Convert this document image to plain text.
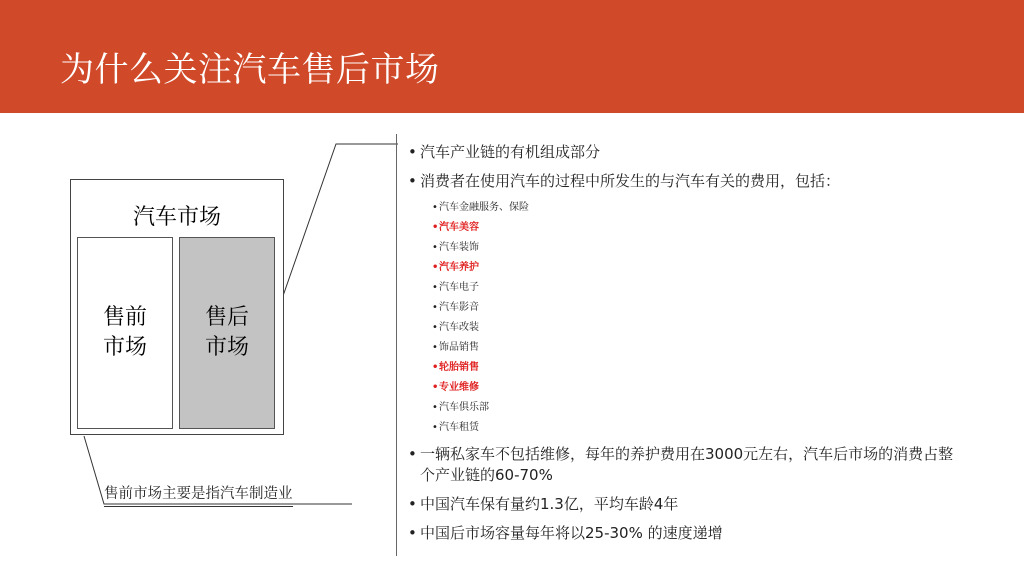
为什么关注汽车售后市场
汽车市场
售前
市场
售后
市场
售前市场主要是指汽车制造业
• 汽车产业链的有机组成部分
• 消费者在使用汽车的过程中所发生的与汽车有关的费用，包括：
• 汽车金融服务、保险
• 汽车美容
• 汽车装饰
• 汽车养护
• 汽车电子
• 汽车影音
• 汽车改装
• 饰品销售
• 轮胎销售
• 专业维修
• 汽车俱乐部
• 汽车租赁
• 一辆私家车不包括维修，每年的养护费用在3000元左右，汽车后市场的消费占整个产业链的60-70%
• 中国汽车保有量约1.3亿，平均车龄4年
• 中国后市场容量每年将以25-30% 的速度递增
